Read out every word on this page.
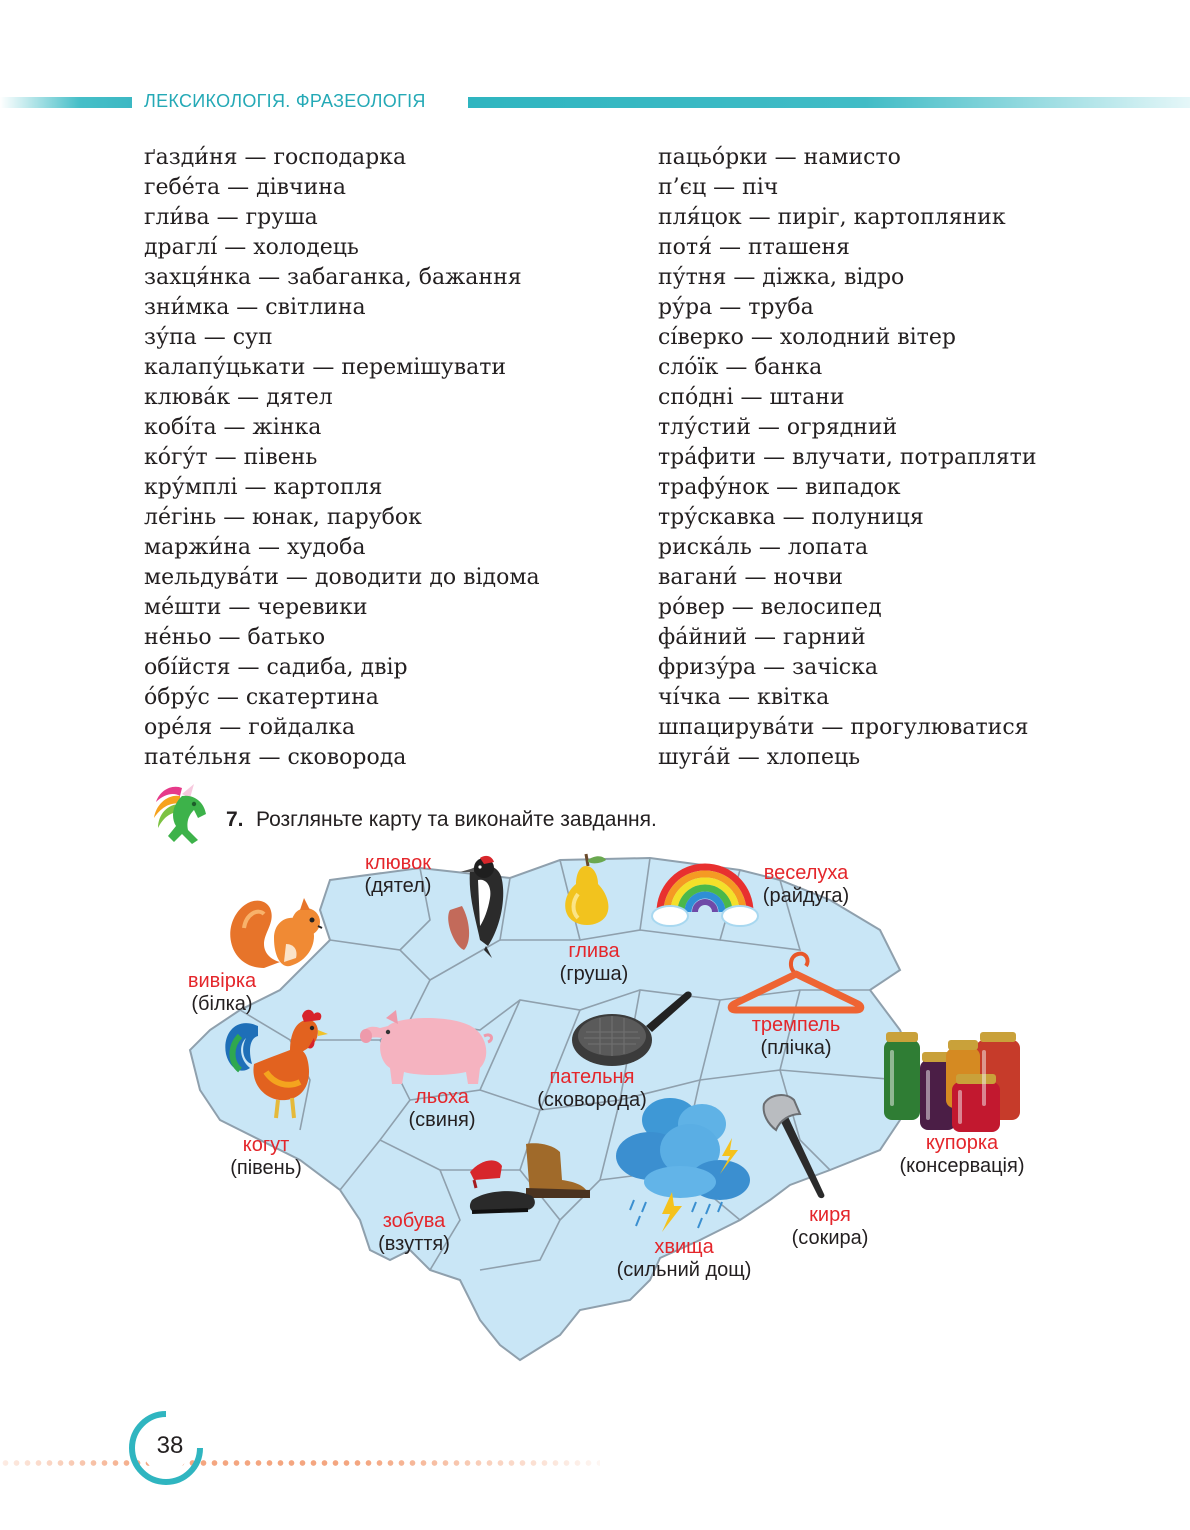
ЛЕКСИКОЛОГІЯ. ФРАЗЕОЛОГІЯ
ґазди́ня — господарка
гебе́та — дівчина
гли́ва — груша
драглі́ — холодець
захця́нка — забаганка, бажання
зни́мка — світлина
зу́па — суп
калапу́цькати — перемішувати
клюва́к — дятел
кобі́та — жінка
ко́гу́т — півень
кру́мплі — картопля
ле́гінь — юнак, парубок
маржи́на — худоба
мельдува́ти — доводити до відома
ме́шти — черевики
не́ньо — батько
обі́йстя — садиба, двір
о́бру́с — скатертина
оре́ля — гойдалка
пате́льня — сковорода
пацьо́рки — намисто
п’єц — піч
пля́цок — пиріг, картопляник
потя́ — пташеня
пу́тня — діжка, відро
ру́ра — труба
сі́верко — холодний вітер
сло́їк — банка
спо́дні — штани
тлу́стий — огрядний
тра́фити — влучати, потрапляти
трафу́нок — випадок
тру́скавка — полуниця
риска́ль — лопата
вагани́ — ночви
ро́вер — велосипед
фа́йний — гарний
фризу́ра — зачіска
чі́чка — квітка
шпацирува́ти — прогулюватися
шуга́й — хлопець
7. Розгляньте карту та виконайте завдання.
клювок
(дятел)
глива
(груша)
веселуха
(райдуга)
вивірка
(білка)
тремпель
(плічка)
льоха
(свиня)
пательня
(сковорода)
купорка
(консервація)
когут
(півень)
киря
(сокира)
зобува
(взуття)	хвища
(сильний дощ)
38
